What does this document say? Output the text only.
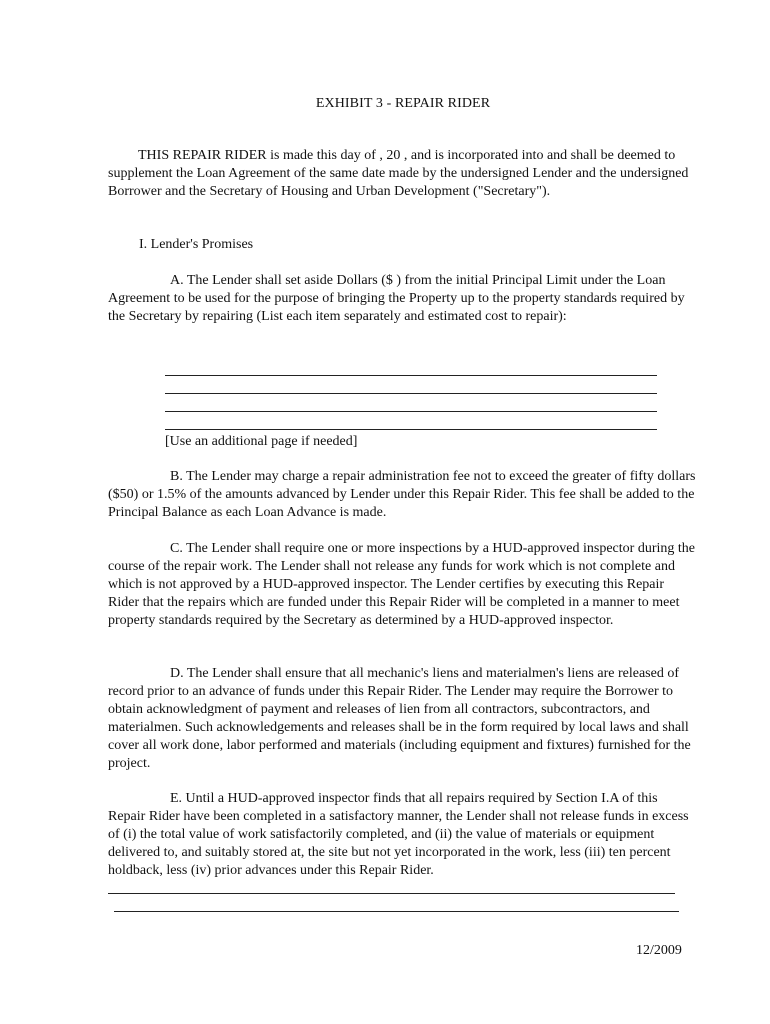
EXHIBIT 3 - REPAIR RIDER
THIS REPAIR RIDER is made this day of , 20 , and is incorporated into and shall be deemed to supplement the Loan Agreement of the same date made by the undersigned Lender and the undersigned Borrower and the Secretary of Housing and Urban Development ("Secretary").
I. Lender's Promises
A. The Lender shall set aside Dollars ($ ) from the initial Principal Limit under the Loan Agreement to be used for the purpose of bringing the Property up to the property standards required by the Secretary by repairing (List each item separately and estimated cost to repair):
[Use an additional page if needed]
B. The Lender may charge a repair administration fee not to exceed the greater of fifty dollars ($50) or 1.5% of the amounts advanced by Lender under this Repair Rider. This fee shall be added to the Principal Balance as each Loan Advance is made.
C. The Lender shall require one or more inspections by a HUD-approved inspector during the course of the repair work. The Lender shall not release any funds for work which is not complete and which is not approved by a HUD-approved inspector. The Lender certifies by executing this Repair Rider that the repairs which are funded under this Repair Rider will be completed in a manner to meet property standards required by the Secretary as determined by a HUD-approved inspector.
D. The Lender shall ensure that all mechanic's liens and materialmen's liens are released of record prior to an advance of funds under this Repair Rider. The Lender may require the Borrower to obtain acknowledgment of payment and releases of lien from all contractors, subcontractors, and materialmen. Such acknowledgements and releases shall be in the form required by local laws and shall cover all work done, labor performed and materials (including equipment and fixtures) furnished for the project.
E. Until a HUD-approved inspector finds that all repairs required by Section I.A of this Repair Rider have been completed in a satisfactory manner, the Lender shall not release funds in excess of (i) the total value of work satisfactorily completed, and (ii) the value of materials or equipment delivered to, and suitably stored at, the site but not yet incorporated in the work, less (iii) ten percent holdback, less (iv) prior advances under this Repair Rider.
12/2009
